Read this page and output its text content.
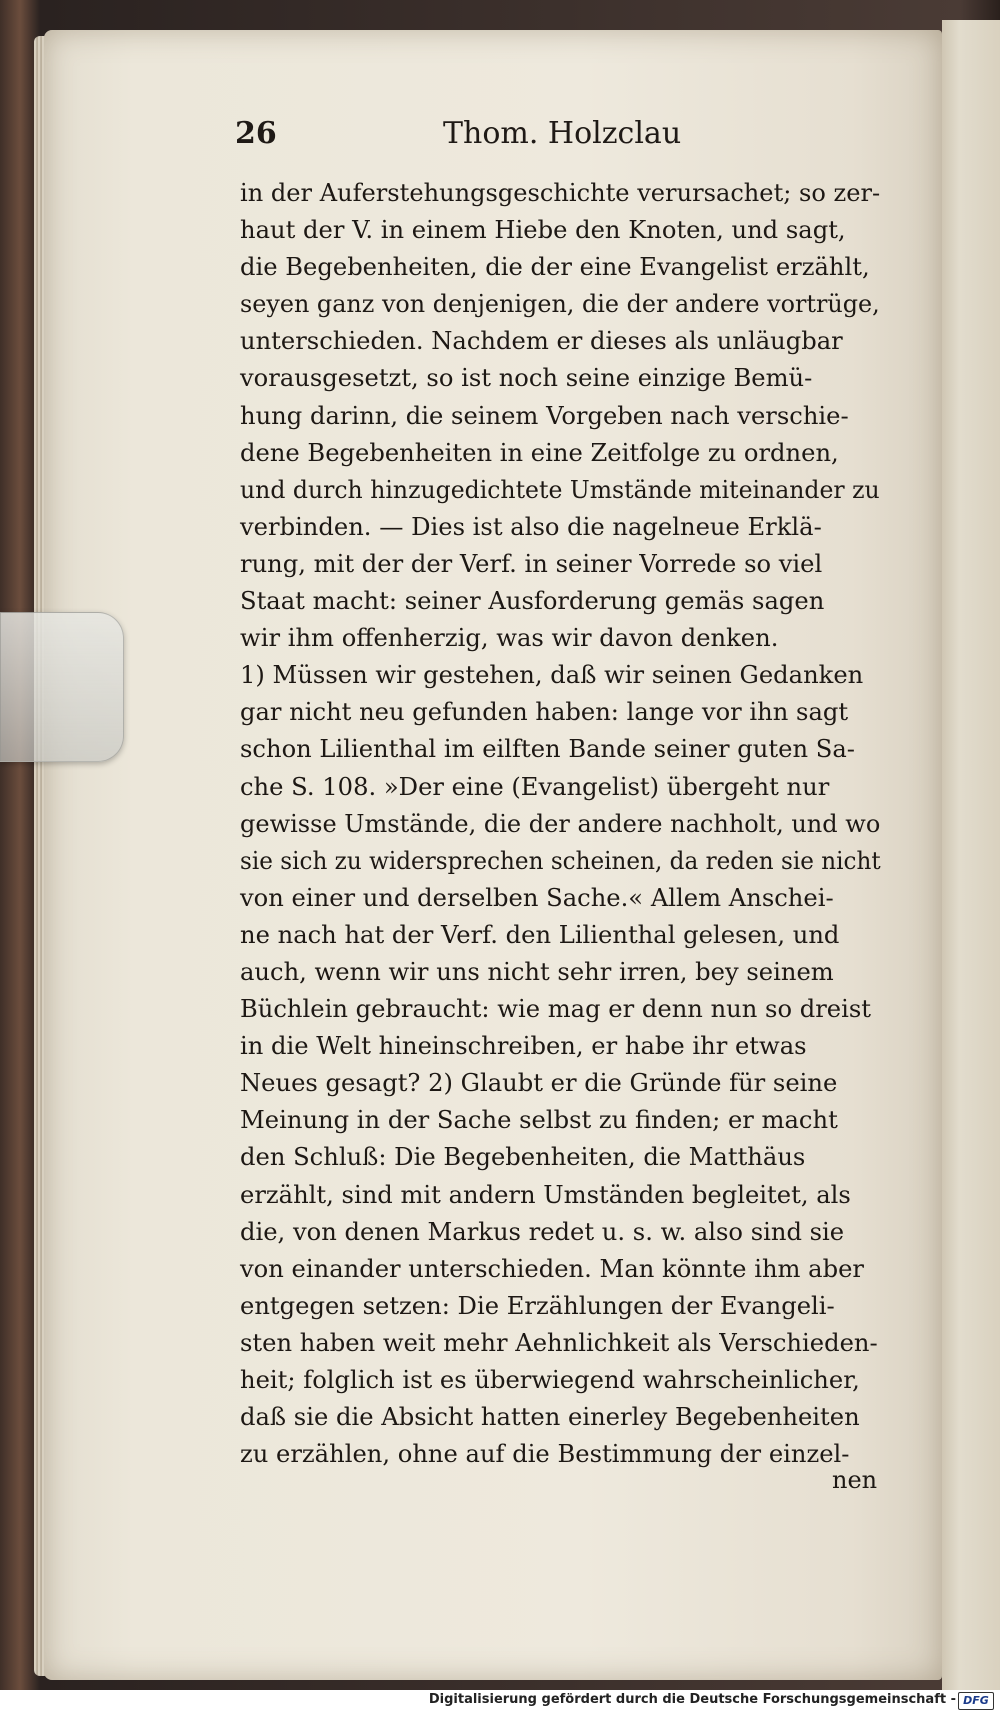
26	Thom. Holzclau
in der Auferstehungsgeschichte verursachet; so zer-
haut der V. in einem Hiebe den Knoten, und sagt,
die Begebenheiten, die der eine Evangelist erzählt,
seyen ganz von denjenigen, die der andere vortrüge,
unterschieden. Nachdem er dieses als unläugbar
vorausgesetzt, so ist noch seine einzige Bemü-
hung darinn, die seinem Vorgeben nach verschie-
dene Begebenheiten in eine Zeitfolge zu ordnen,
und durch hinzugedichtete Umstände miteinander zu
verbinden. — Dies ist also die nagelneue Erklä-
rung, mit der der Verf. in seiner Vorrede so viel
Staat macht: seiner Ausforderung gemäs sagen
wir ihm offenherzig, was wir davon denken.
1) Müssen wir gestehen, daß wir seinen Gedanken
gar nicht neu gefunden haben: lange vor ihn sagt
schon Lilienthal im eilften Bande seiner guten Sa-
che S. 108. »Der eine (Evangelist) übergeht nur
gewisse Umstände, die der andere nachholt, und wo
sie sich zu widersprechen scheinen, da reden sie nicht
von einer und derselben Sache.« Allem Anschei-
ne nach hat der Verf. den Lilienthal gelesen, und
auch, wenn wir uns nicht sehr irren, bey seinem
Büchlein gebraucht: wie mag er denn nun so dreist
in die Welt hineinschreiben, er habe ihr etwas
Neues gesagt? 2) Glaubt er die Gründe für seine
Meinung in der Sache selbst zu finden; er macht
den Schluß: Die Begebenheiten, die Matthäus
erzählt, sind mit andern Umständen begleitet, als
die, von denen Markus redet u. s. w. also sind sie
von einander unterschieden. Man könnte ihm aber
entgegen setzen: Die Erzählungen der Evangeli-
sten haben weit mehr Aehnlichkeit als Verschieden-
heit; folglich ist es überwiegend wahrscheinlicher,
daß sie die Absicht hatten einerley Begebenheiten
zu erzählen, ohne auf die Bestimmung der einzel-
nen
Digitalisierung gefördert durch die Deutsche Forschungsgemeinschaft - DFG
